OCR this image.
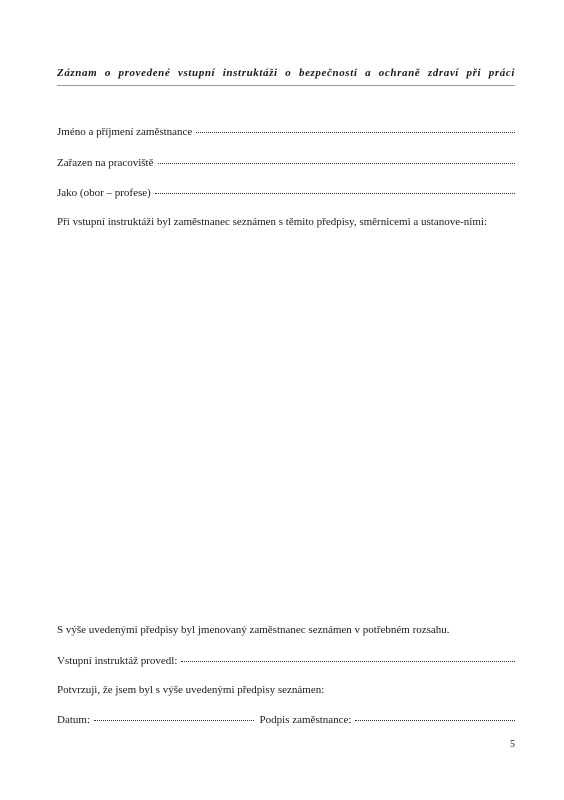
Záznam o provedené vstupní instruktáži o bezpečnosti a ochraně zdraví při práci
Jméno a příjmení zaměstnance
Zařazen na pracoviště
Jako (obor – profese)
Při vstupní instruktáži byl zaměstnanec seznámen s těmito předpisy, směrnicemi a ustanove-ními:
S výše uvedenými předpisy byl jmenovaný zaměstnanec seznámen v potřebném rozsahu.
Vstupní instruktáž provedl:
Potvrzuji, že jsem byl s výše uvedenými předpisy seznámen:
Datum:	Podpis zaměstnance:
5
